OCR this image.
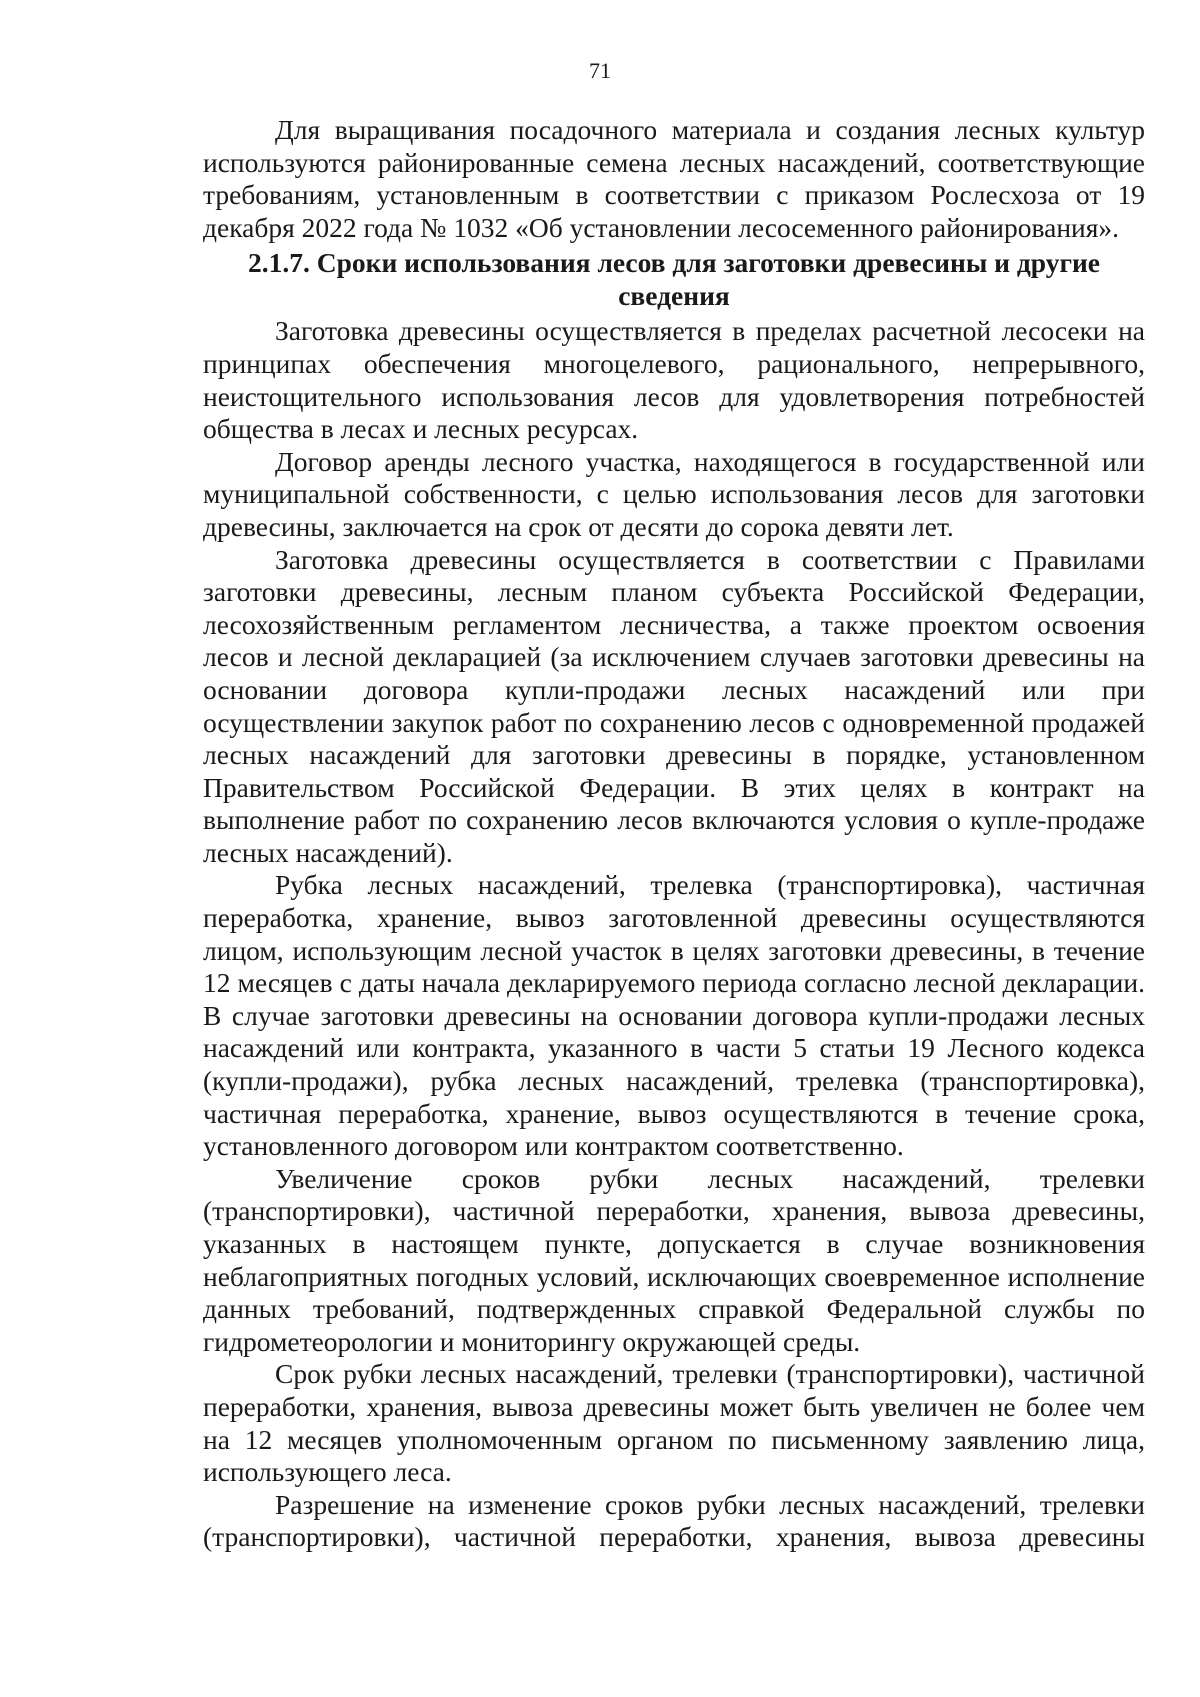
71

Для выращивания посадочного материала и создания лесных культур используются районированные семена лесных насаждений, соответствующие требованиям, установленным в соответствии с приказом Рослесхоза от 19 декабря 2022 года № 1032 «Об установлении лесосеменного районирования».

2.1.7. Сроки использования лесов для заготовки древесины и другие сведения

Заготовка древесины осуществляется в пределах расчетной лесосеки на принципах обеспечения многоцелевого, рационального, непрерывного, неистощительного использования лесов для удовлетворения потребностей общества в лесах и лесных ресурсах.

Договор аренды лесного участка, находящегося в государственной или муниципальной собственности, с целью использования лесов для заготовки древесины, заключается на срок от десяти до сорока девяти лет.

Заготовка древесины осуществляется в соответствии с Правилами заготовки древесины, лесным планом субъекта Российской Федерации, лесохозяйственным регламентом лесничества, а также проектом освоения лесов и лесной декларацией (за исключением случаев заготовки древесины на основании договора купли-продажи лесных насаждений или при осуществлении закупок работ по сохранению лесов с одновременной продажей лесных насаждений для заготовки древесины в порядке, установленном Правительством Российской Федерации. В этих целях в контракт на выполнение работ по сохранению лесов включаются условия о купле-продаже лесных насаждений).

Рубка лесных насаждений, трелевка (транспортировка), частичная переработка, хранение, вывоз заготовленной древесины осуществляются лицом, использующим лесной участок в целях заготовки древесины, в течение 12 месяцев с даты начала декларируемого периода согласно лесной декларации. В случае заготовки древесины на основании договора купли-продажи лесных насаждений или контракта, указанного в части 5 статьи 19 Лесного кодекса (купли-продажи), рубка лесных насаждений, трелевка (транспортировка), частичная переработка, хранение, вывоз осуществляются в течение срока, установленного договором или контрактом соответственно.

Увеличение сроков рубки лесных насаждений, трелевки (транспортировки), частичной переработки, хранения, вывоза древесины, указанных в настоящем пункте, допускается в случае возникновения неблагоприятных погодных условий, исключающих своевременное исполнение данных требований, подтвержденных справкой Федеральной службы по гидрометеорологии и мониторингу окружающей среды.

Срок рубки лесных насаждений, трелевки (транспортировки), частичной переработки, хранения, вывоза древесины может быть увеличен не более чем на 12 месяцев уполномоченным органом по письменному заявлению лица, использующего леса.

Разрешение на изменение сроков рубки лесных насаждений, трелевки (транспортировки), частичной переработки, хранения, вывоза древесины
